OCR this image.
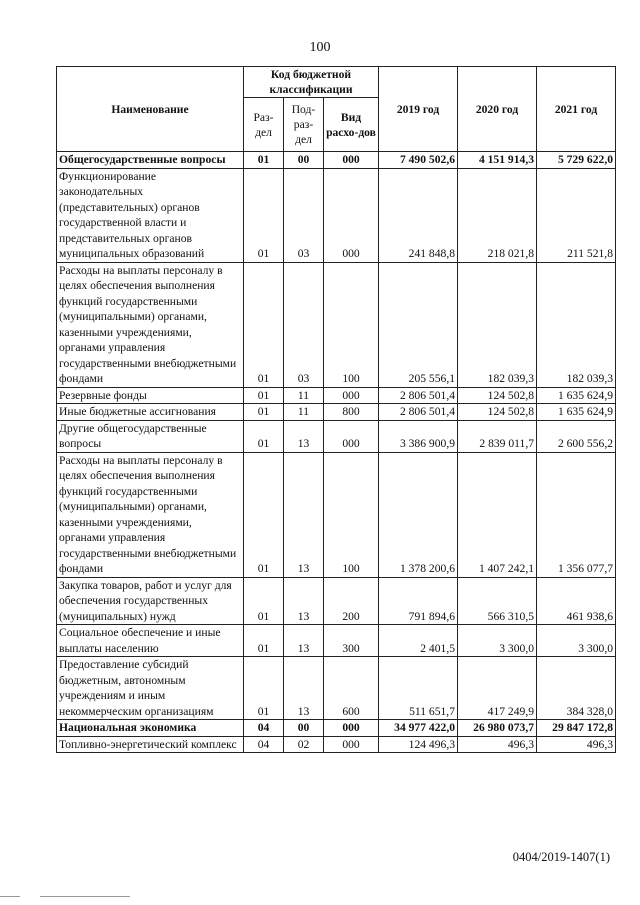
100
Наименование	Код бюджетной классификации			2019 год	2020 год	2021 год
	Раз-дел	Под-раз-дел	Вид расхо-дов			
Общегосударственные вопросы	01	00	000	7 490 502,6	4 151 914,3	5 729 622,0
Функционирование законодательных (представительных) органов государственной власти и представительных органов муниципальных образований	01	03	000	241 848,8	218 021,8	211 521,8
Расходы на выплаты персоналу в целях обеспечения выполнения функций государственными (муниципальными) органами, казенными учреждениями, органами управления государственными внебюджетными фондами	01	03	100	205 556,1	182 039,3	182 039,3
Резервные фонды	01	11	000	2 806 501,4	124 502,8	1 635 624,9
Иные бюджетные ассигнования	01	11	800	2 806 501,4	124 502,8	1 635 624,9
Другие общегосударственные вопросы	01	13	000	3 386 900,9	2 839 011,7	2 600 556,2
Расходы на выплаты персоналу в целях обеспечения выполнения функций государственными (муниципальными) органами, казенными учреждениями, органами управления государственными внебюджетными фондами	01	13	100	1 378 200,6	1 407 242,1	1 356 077,7
Закупка товаров, работ и услуг для обеспечения государственных (муниципальных) нужд	01	13	200	791 894,6	566 310,5	461 938,6
Социальное обеспечение и иные выплаты населению	01	13	300	2 401,5	3 300,0	3 300,0
Предоставление субсидий бюджетным, автономным учреждениям и иным некоммерческим организациям	01	13	600	511 651,7	417 249,9	384 328,0
Национальная экономика	04	00	000	34 977 422,0	26 980 073,7	29 847 172,8
Топливно-энергетический комплекс	04	02	000	124 496,3	496,3	496,3
0404/2019-1407(1)
